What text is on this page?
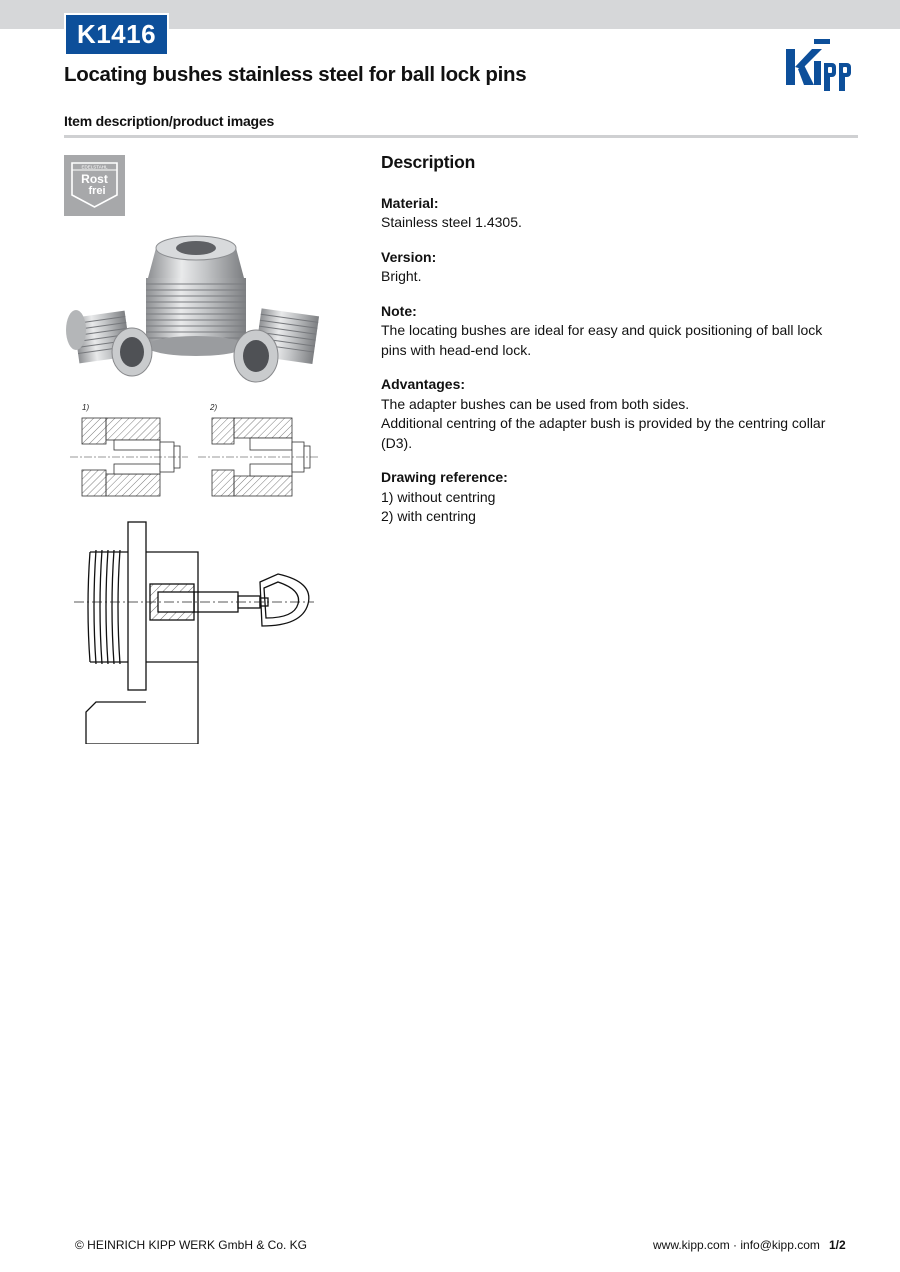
K1416
Locating bushes stainless steel for ball lock pins
Item description/product images
EDELSTAHL
Rost
frei
1)	2)
Description
Material:
Stainless steel 1.4305.
Version:
Bright.
Note:
The locating bushes are ideal for easy and quick positioning of ball lock pins with head-end lock.
Advantages:
The adapter bushes can be used from both sides.
Additional centring of the adapter bush is provided by the centring collar (D3).
Drawing reference:
1) without centring
2) with centring
© HEINRICH KIPP WERK GmbH & Co. KG	www.kipp.com · info@kipp.com 1/2
